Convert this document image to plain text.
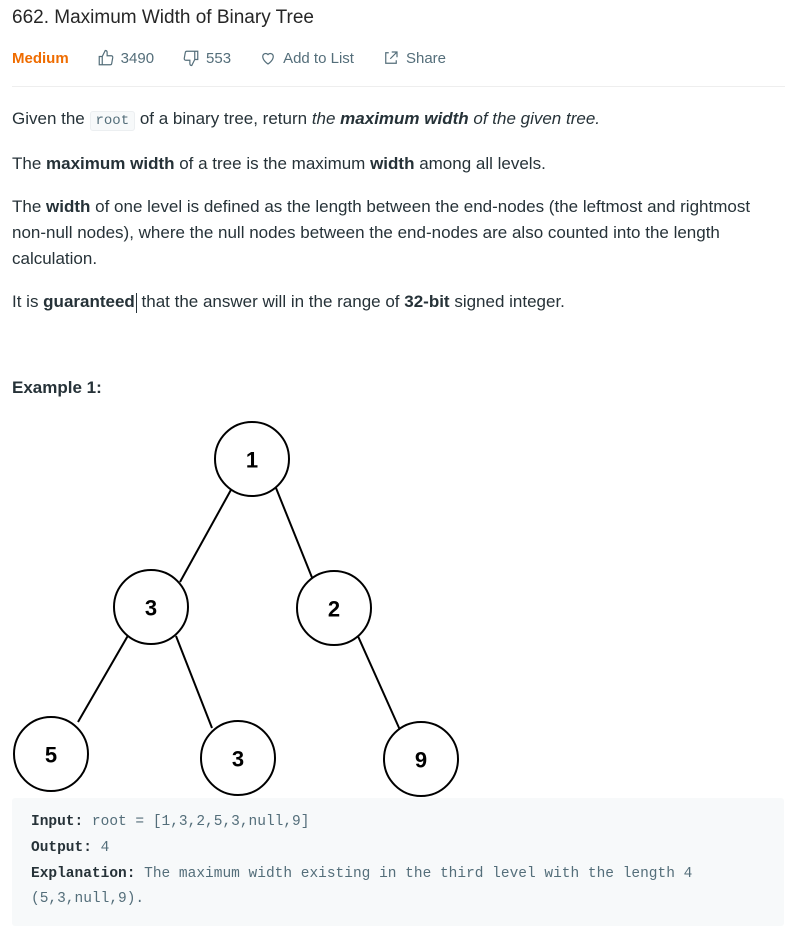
662. Maximum Width of Binary Tree
Medium	3490	553	Add to List	Share

Given the root of a binary tree, return the maximum width of the given tree.

The maximum width of a tree is the maximum width among all levels.

The width of one level is defined as the length between the end-nodes (the leftmost and rightmost non-null nodes), where the null nodes between the end-nodes are also counted into the length calculation.

It is guaranteed that the answer will in the range of 32-bit signed integer.

Example 1:
1
3	2
5	3	9
Input: root = [1,3,2,5,3,null,9]
Output: 4
Explanation: The maximum width existing in the third level with the length 4
(5,3,null,9).
